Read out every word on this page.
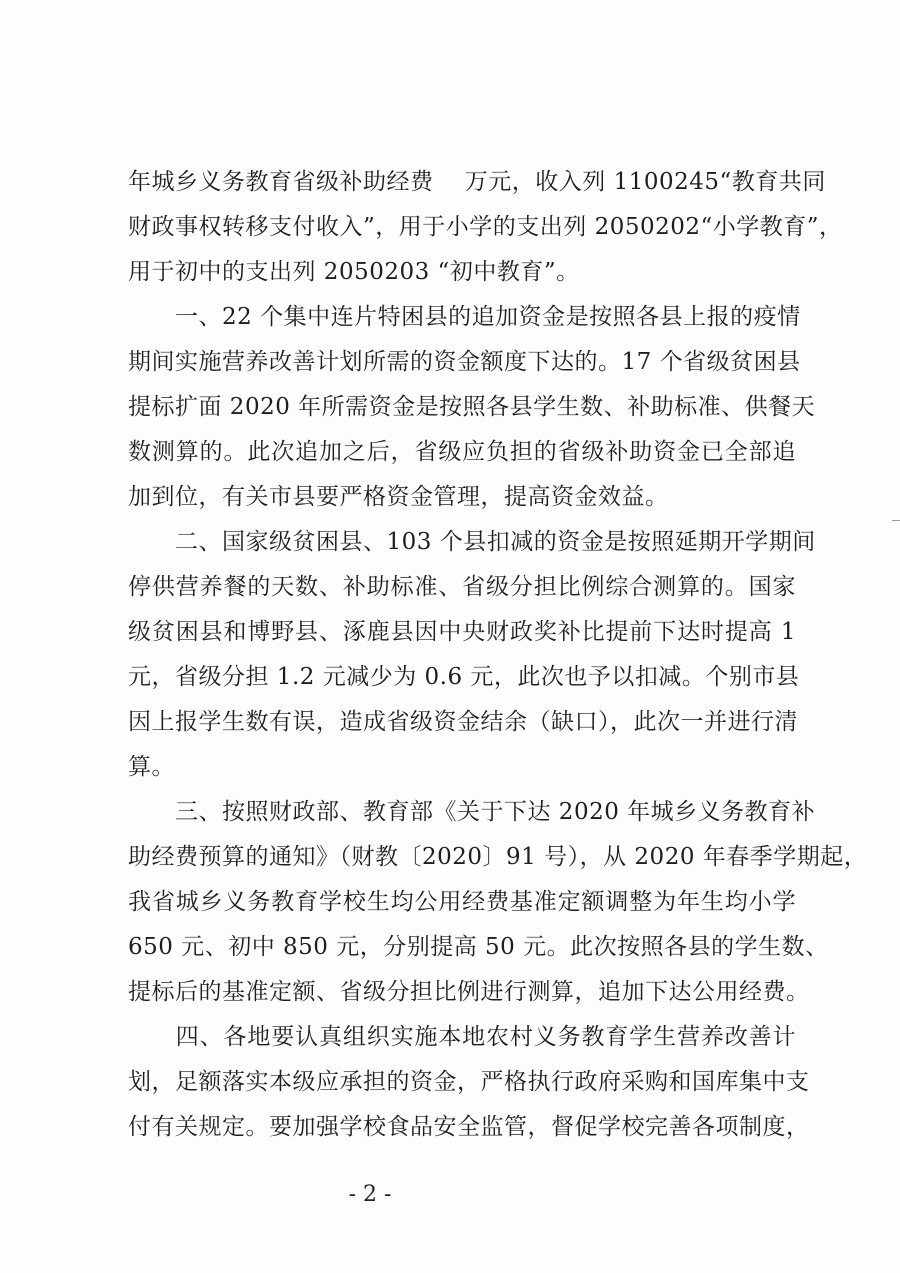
年城乡义务教育省级补助经费　 万元，收入列 1100245“教育共同
财政事权转移支付收入”，用于小学的支出列 2050202“小学教育”，
用于初中的支出列 2050203 “初中教育”。
　　一、22 个集中连片特困县的追加资金是按照各县上报的疫情
期间实施营养改善计划所需的资金额度下达的。17 个省级贫困县
提标扩面 2020 年所需资金是按照各县学生数、补助标准、供餐天
数测算的。此次追加之后，省级应负担的省级补助资金已全部追
加到位，有关市县要严格资金管理，提高资金效益。
　　二、国家级贫困县、103 个县扣减的资金是按照延期开学期间
停供营养餐的天数、补助标准、省级分担比例综合测算的。国家
级贫困县和博野县、涿鹿县因中央财政奖补比提前下达时提高 1
元，省级分担 1.2 元减少为 0.6 元，此次也予以扣减。个别市县
因上报学生数有误，造成省级资金结余（缺口），此次一并进行清
算。
　　三、按照财政部、教育部《关于下达 2020 年城乡义务教育补
助经费预算的通知》（财教〔2020〕91 号），从 2020 年春季学期起，
我省城乡义务教育学校生均公用经费基准定额调整为年生均小学
650 元、初中 850 元，分别提高 50 元。此次按照各县的学生数、
提标后的基准定额、省级分担比例进行测算，追加下达公用经费。
　　四、各地要认真组织实施本地农村义务教育学生营养改善计
划，足额落实本级应承担的资金，严格执行政府采购和国库集中支
付有关规定。要加强学校食品安全监管，督促学校完善各项制度，
- 2 -
